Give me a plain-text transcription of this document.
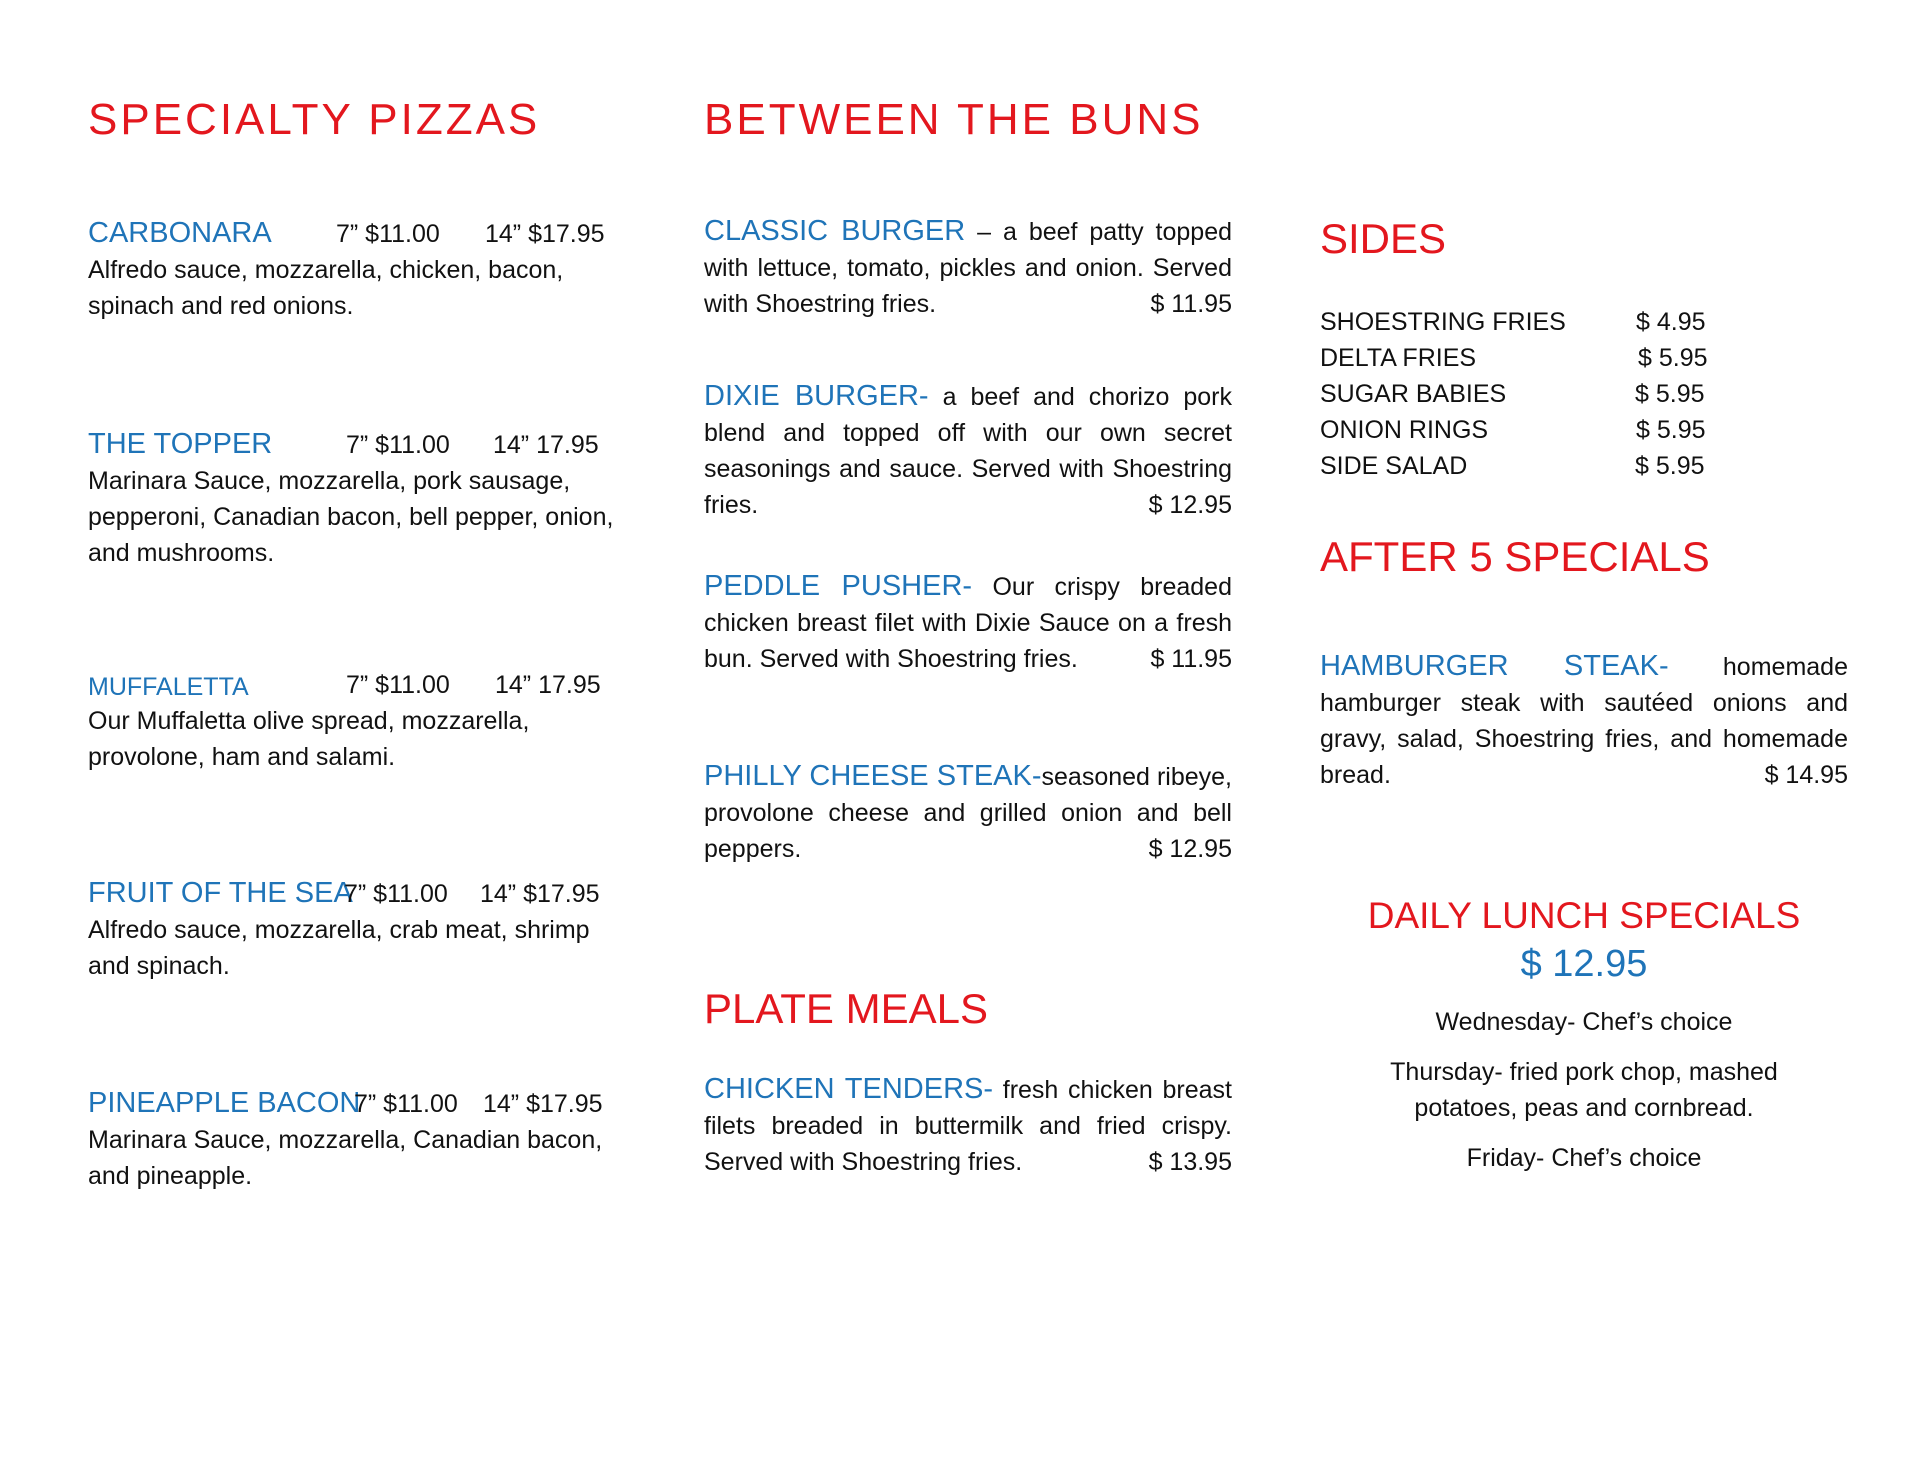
SPECIALTY PIZZAS
CARBONARA	7” $11.00 14” $17.95

Alfredo sauce, mozzarella, chicken, bacon, spinach and red onions.

THE TOPPER	7” $11.00 14” 17.95

Marinara Sauce, mozzarella, pork sausage, pepperoni, Canadian bacon, bell pepper, onion, and mushrooms.

MUFFALETTA	7” $11.00 14” 17.95

Our Muffaletta olive spread, mozzarella, provolone, ham and salami.

FRUIT OF THE SEA
7” $11.00 14” $17.95

Alfredo sauce, mozzarella, crab meat, shrimp and spinach.

PINEAPPLE BACON
7” $11.00 14” $17.95

Marinara Sauce, mozzarella, Canadian bacon, and pineapple.

BETWEEN THE BUNS
CLASSIC BURGER – a beef patty topped with lettuce, tomato, pickles and onion. Served with Shoestring fries.	$ 11.95
DIXIE BURGER- a beef and chorizo pork blend and topped off with our own secret seasonings and sauce. Served with Shoestring fries.	$ 12.95
PEDDLE PUSHER- Our crispy breaded chicken breast filet with Dixie Sauce on a fresh bun. Served with Shoestring fries.	$ 11.95
PHILLY CHEESE STEAK-seasoned ribeye, provolone cheese and grilled onion and bell peppers.	$ 12.95
PLATE MEALS
CHICKEN TENDERS- fresh chicken breast filets breaded in buttermilk and fried crispy. Served with Shoestring fries.	$ 13.95
SIDES
SHOESTRING FRIES	$ 4.95
DELTA FRIES	$ 5.95
SUGAR BABIES	$ 5.95
ONION RINGS	$ 5.95
SIDE SALAD	$ 5.95
AFTER 5 SPECIALS
HAMBURGER STEAK- homemade hamburger steak with sautéed onions and gravy, salad, Shoestring fries, and homemade bread.	$ 14.95
DAILY LUNCH SPECIALS
$ 12.95
Wednesday- Chef’s choice
Thursday- fried pork chop, mashed potatoes, peas and cornbread.
Friday- Chef’s choice
